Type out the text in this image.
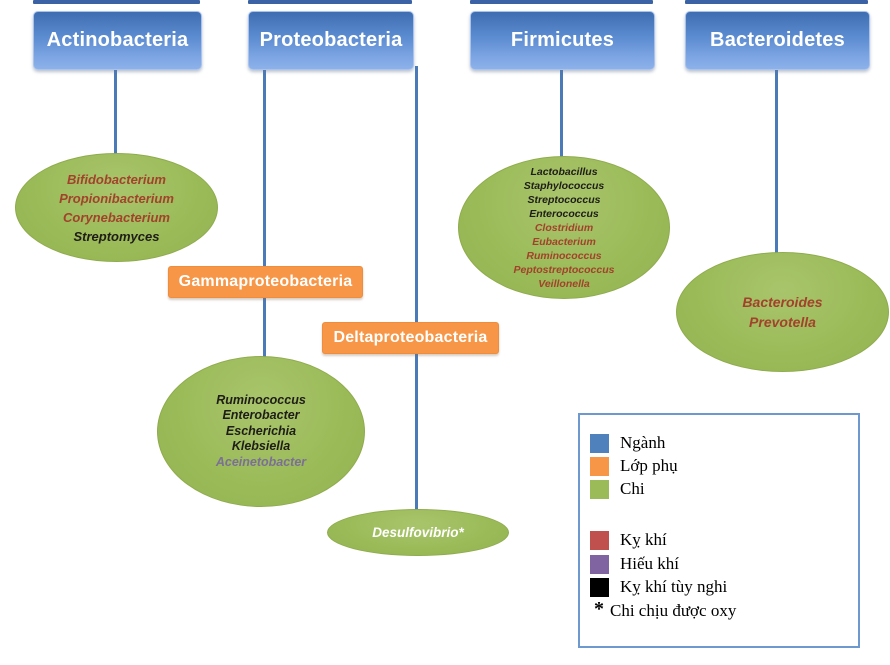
Actinobacteria	Proteobacteria	Firmicutes	Bacteroidetes
Bifidobacterium
Propionibacterium
Corynebacterium
Streptomyces
Lactobacillus
Staphylococcus
Streptococcus
Enterococcus
Clostridium
Eubacterium
Ruminococcus
Peptostreptococcus
Veillonella
Bacteroides
Prevotella
Ruminococcus
Enterobacter
Escherichia
Klebsiella
Aceinetobacter
Desulfovibrio*
Gammaproteobacteria
Deltaproteobacteria
Ngành
Lớp phụ
Chi
Kỵ khí
Hiếu khí
Kỵ khí tùy nghi
* Chi chịu được oxy
